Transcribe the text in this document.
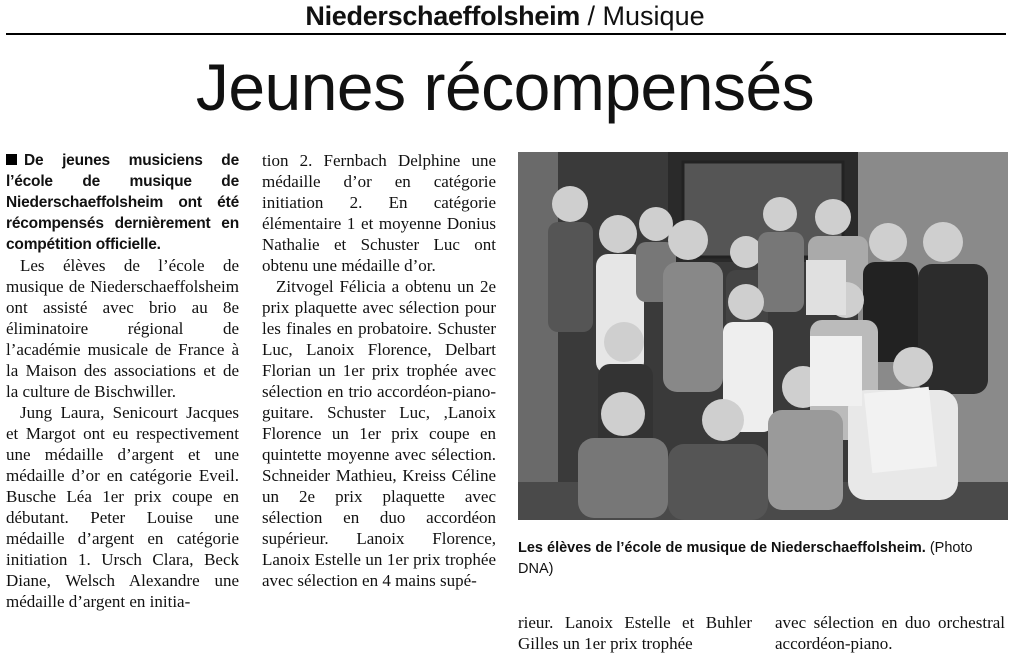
Niederschaeffolsheim / Musique
Jeunes récompensés

De jeunes musiciens de l’école de musique de Niederschaeffolsheim ont été récompensés dernièrement en compétition officielle.

Les élèves de l’école de musique de Niederschaeffolsheim ont assisté avec brio au 8e éliminatoire régional de l’académie musicale de France à la Maison des associations et de la culture de Bischwiller.

Jung Laura, Senicourt Jacques et Margot ont eu respectivement une médaille d’argent et une médaille d’or en catégorie Eveil. Busche Léa 1er prix coupe en débutant. Peter Louise une médaille d’argent en catégorie initiation 1. Ursch Clara, Beck Diane, Welsch Alexandre une médaille d’argent en initia-

tion 2. Fernbach Delphine une médaille d’or en catégorie initiation 2. En catégorie élémentaire 1 et moyenne Donius Nathalie et Schuster Luc ont obtenu une médaille d’or.

Zitvogel Félicia a obtenu un 2e prix plaquette avec sélection pour les finales en probatoire. Schuster Luc, Lanoix Florence, Delbart Florian un 1er prix trophée avec sélection en trio accordéon-piano-guitare. Schuster Luc, ,Lanoix Florence un 1er prix coupe en quintette moyenne avec sélection. Schneider Mathieu, Kreiss Céline un 2e prix plaquette avec sélection en duo accordéon supérieur. Lanoix Florence, Lanoix Estelle un 1er prix trophée avec sélection en 4 mains supé-

Les élèves de l’école de musique de Niederschaeffolsheim. (Photo DNA)

rieur. Lanoix Estelle et Buhler Gilles un 1er prix trophée

avec sélection en duo orchestral accordéon-piano.
